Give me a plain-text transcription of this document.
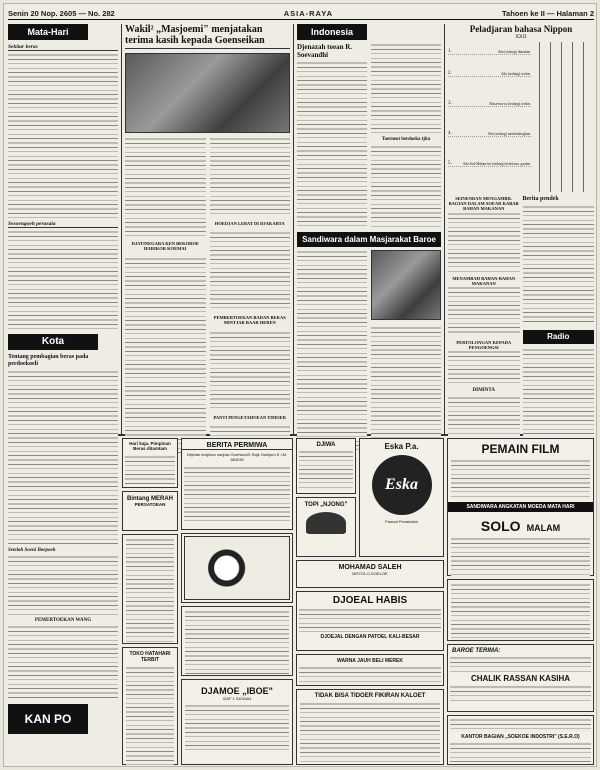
Senin 20 Nop. 2605 — No. 282	ASIA-RAYA	Tahoen ke II — Halaman 2
Mata-Hari
Sekitar beras
Sesoengoeh perasaia
Kota
Tentang pembagian beras pada perdoekoeli
Setelah Soeni Boepoeh
PEMERTOEKAN WANG
KAN PO
Wakil² „Masjoemi" menjatakan terima kasih kepada Goenseikan
DJATINEGARA KEN BEKOROE HARIKOR KOEMAI
HOEDJAN LEBAT DI DJAKARTA
PEMBERTOEKAN BADAN BEKAS MINTJAR BAAR HEREN
PANTI PENGETAHOEAN TIMOER
Indonesia
Djenazah toean R. Soevandhi
Toerneot berdoeka tjita
Sandiwara dalam Masjarakat Baroe
Peladjaran bahasa Nippon
XXII
1.	Ada (sedang) dimakan.
2.	Ada (sedang) terdoe.
3.	Masa-ma-sa (sedang) terdoe.
4.	Ada (sedang) membokingkan.
5.	Ada Sed-Makan-ini (sedang) berbicara, ganbar.
SEINENDAN MENGAMBIL BAGIAN DALAM SOEAR KABAR BAHAN MAKANAN
MENAMBAH BAHAN-BAHAN MAKANAN
PERTOLONGAN KEPADA PENGOENGSI
DIMINTA
Berita pendek
Radio
Hari kaja. Pimpinan Beras ditamtam
Bintang MERAH
PERSATOEAN
TOKO HATAHARI TERBIT
BERITA PERMIWA
Ditjetak kesjiban sanjaw GoeNseAS Rajk Hantjam K.I.M. ABIDIN
DJAMOE „IBOE"
IZAF 1 SATAAN
DJIWA
TOPI „NJONG"
Eska P.a.
Eska
Paouat Penabalan
MOHAMAD SALEH
BISTOLO-DOELOE
DJOEAL HABIS
DJOEJAL DENGAN PATOEL KALI-BESAR
WARNA JAUH BELI MEREK
TIDAK BISA TIDOER FIKIRAN KALOET
PEMAIN FILM
SANDIWARA ANGKATAN MOEDA MATA HARI
SOLO MALAM
BAROE TERIMA:
CHALIK RASSAN KASIHA
KANTOR BAGIAN „SOEKOE INDOSTRI" (S.E.R.O)
